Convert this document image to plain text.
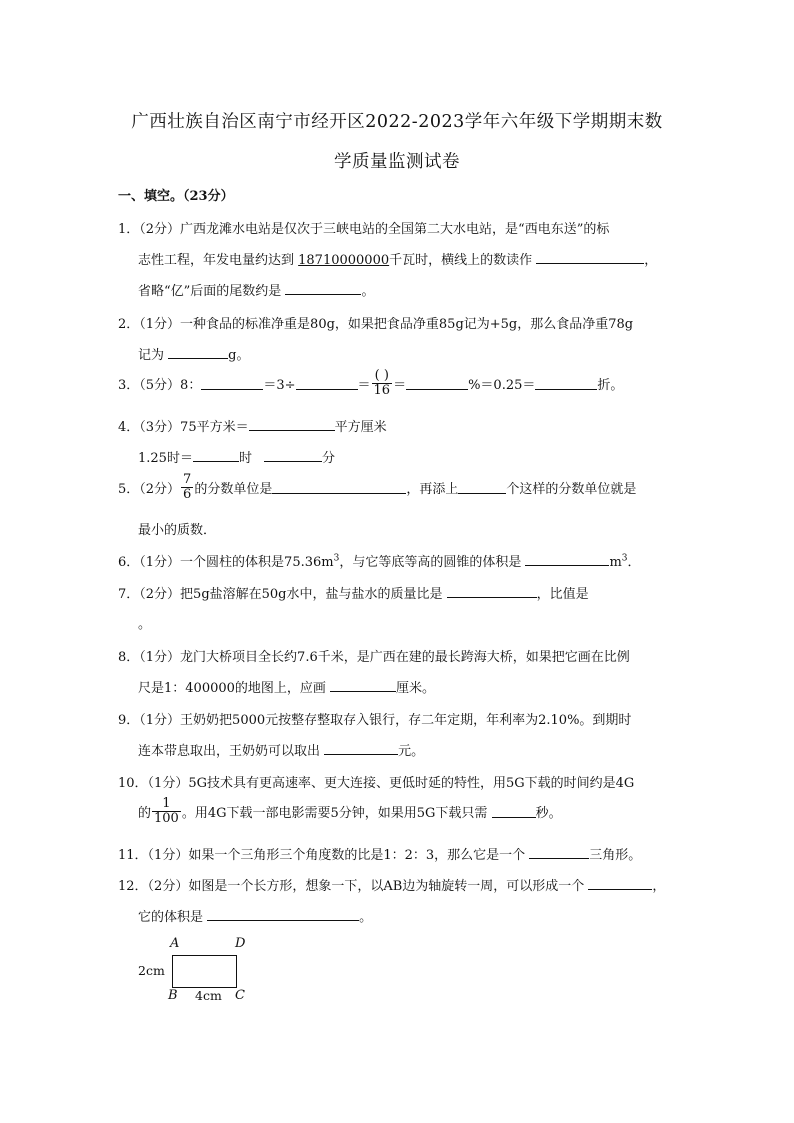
广西壮族自治区南宁市经开区2022-2023学年六年级下学期期末数
学质量监测试卷
一、填空。（23分）
1．（2分）广西龙滩水电站是仅次于三峡电站的全国第二大水电站，是“西电东送”的标
志性工程，年发电量约达到 18710000000千瓦时，横线上的数读作	，
省略“亿”后面的尾数约是	。
2．（1分）一种食品的标准净重是80g，如果把食品净重85g记为+5g，那么食品净重78g
记为	g。
3．（5分）8：	＝3÷	＝ $\frac{( )}{16}$ ＝	%＝0.25＝	折。
4．（3分）75平方米＝	平方厘米
1.25时＝	时	分
5．（2分） $\frac{7}{6}$ 的分数单位是	，再添上	个这样的分数单位就是
最小的质数．
6．（1分）一个圆柱的体积是$75.36m^3$，与它等底等高的圆锥的体积是	$m^3$．
7．（2分）把5g盐溶解在50g水中，盐与盐水的质量比是	，比值是
。
8．（1分）龙门大桥项目全长约7.6千米，是广西在建的最长跨海大桥，如果把它画在比例
尺是1：400000的地图上，应画	厘米。
9．（1分）王奶奶把5000元按整存整取存入银行，存二年定期，年利率为2.10%。到期时
连本带息取出，王奶奶可以取出	元。
10．（1分）5G技术具有更高速率、更大连接、更低时延的特性，用5G下载的时间约是4G
的 $\frac{1}{100}$ 。用4G下载一部电影需要5分钟，如果用5G下载只需	秒。
11．（1分）如果一个三角形三个角度数的比是1：2：3，那么它是一个	三角形。
12．（2分）如图是一个长方形，想象一下，以AB边为轴旋转一周，可以形成一个	，
它的体积是	。
A	D
B	C
2cm
4cm
